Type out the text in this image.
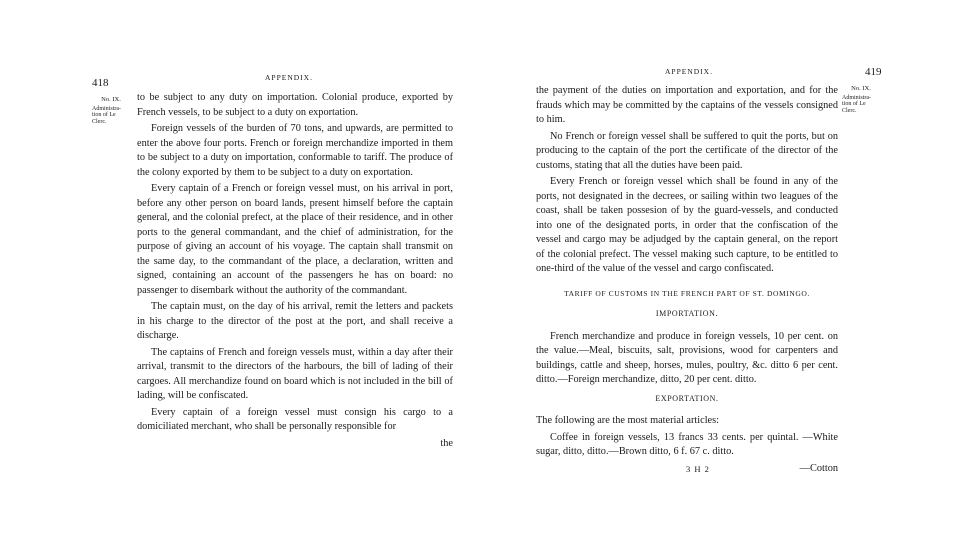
418	APPENDIX.
No. IX.
Administra-tion of Le Clerc.

to be subject to any duty on importation. Colonial produce, exported by French vessels, to be subject to a duty on exportation.

Foreign vessels of the burden of 70 tons, and upwards, are permitted to enter the above four ports. French or foreign merchandize imported in them to be subject to a duty on importation, conformable to tariff. The produce of the colony exported by them to be subject to a duty on exportation.

Every captain of a French or foreign vessel must, on his arrival in port, before any other person on board lands, present himself before the captain general, and the colonial prefect, at the place of their residence, and in other ports to the general commandant, and the chief of administration, for the purpose of giving an account of his voyage. The captain shall transmit on the same day, to the commandant of the place, a declaration, written and signed, containing an account of the passengers he has on board: no passenger to disembark without the authority of the commandant.

The captain must, on the day of his arrival, remit the letters and packets in his charge to the director of the post at the port, and shall receive a discharge.

The captains of French and foreign vessels must, within a day after their arrival, transmit to the directors of the harbours, the bill of lading of their cargoes. All merchandize found on board which is not included in the bill of lading, will be confiscated.

Every captain of a foreign vessel must consign his cargo to a domiciliated merchant, who shall be personally responsible for

the
APPENDIX.	419
No. IX.
Administra-tion of Le Clerc.

the payment of the duties on importation and exportation, and for the frauds which may be committed by the captains of the vessels consigned to him.

No French or foreign vessel shall be suffered to quit the ports, but on producing to the captain of the port the certificate of the director of the customs, stating that all the duties have been paid.

Every French or foreign vessel which shall be found in any of the ports, not designated in the decrees, or sailing within two leagues of the coast, shall be taken possesion of by the guard-vessels, and conducted into one of the designated ports, in order that the confiscation of the vessel and cargo may be adjudged by the captain general, on the report of the colonial prefect. The vessel making such capture, to be entitled to one-third of the value of the vessel and cargo confiscated.

TARIFF OF CUSTOMS IN THE FRENCH PART OF ST. DOMINGO.
IMPORTATION.

French merchandize and produce in foreign vessels, 10 per cent. on the value.—Meal, biscuits, salt, provisions, wood for carpenters and buildings, cattle and sheep, horses, mules, poultry, &c. ditto 6 per cent. ditto.—Foreign merchandize, ditto, 20 per cent. ditto.

EXPORTATION.

The following are the most material articles:

Coffee in foreign vessels, 13 francs 33 cents. per quintal. —White sugar, ditto, ditto.—Brown ditto, 6 f. 67 c. ditto.

3 H 2	—Cotton
